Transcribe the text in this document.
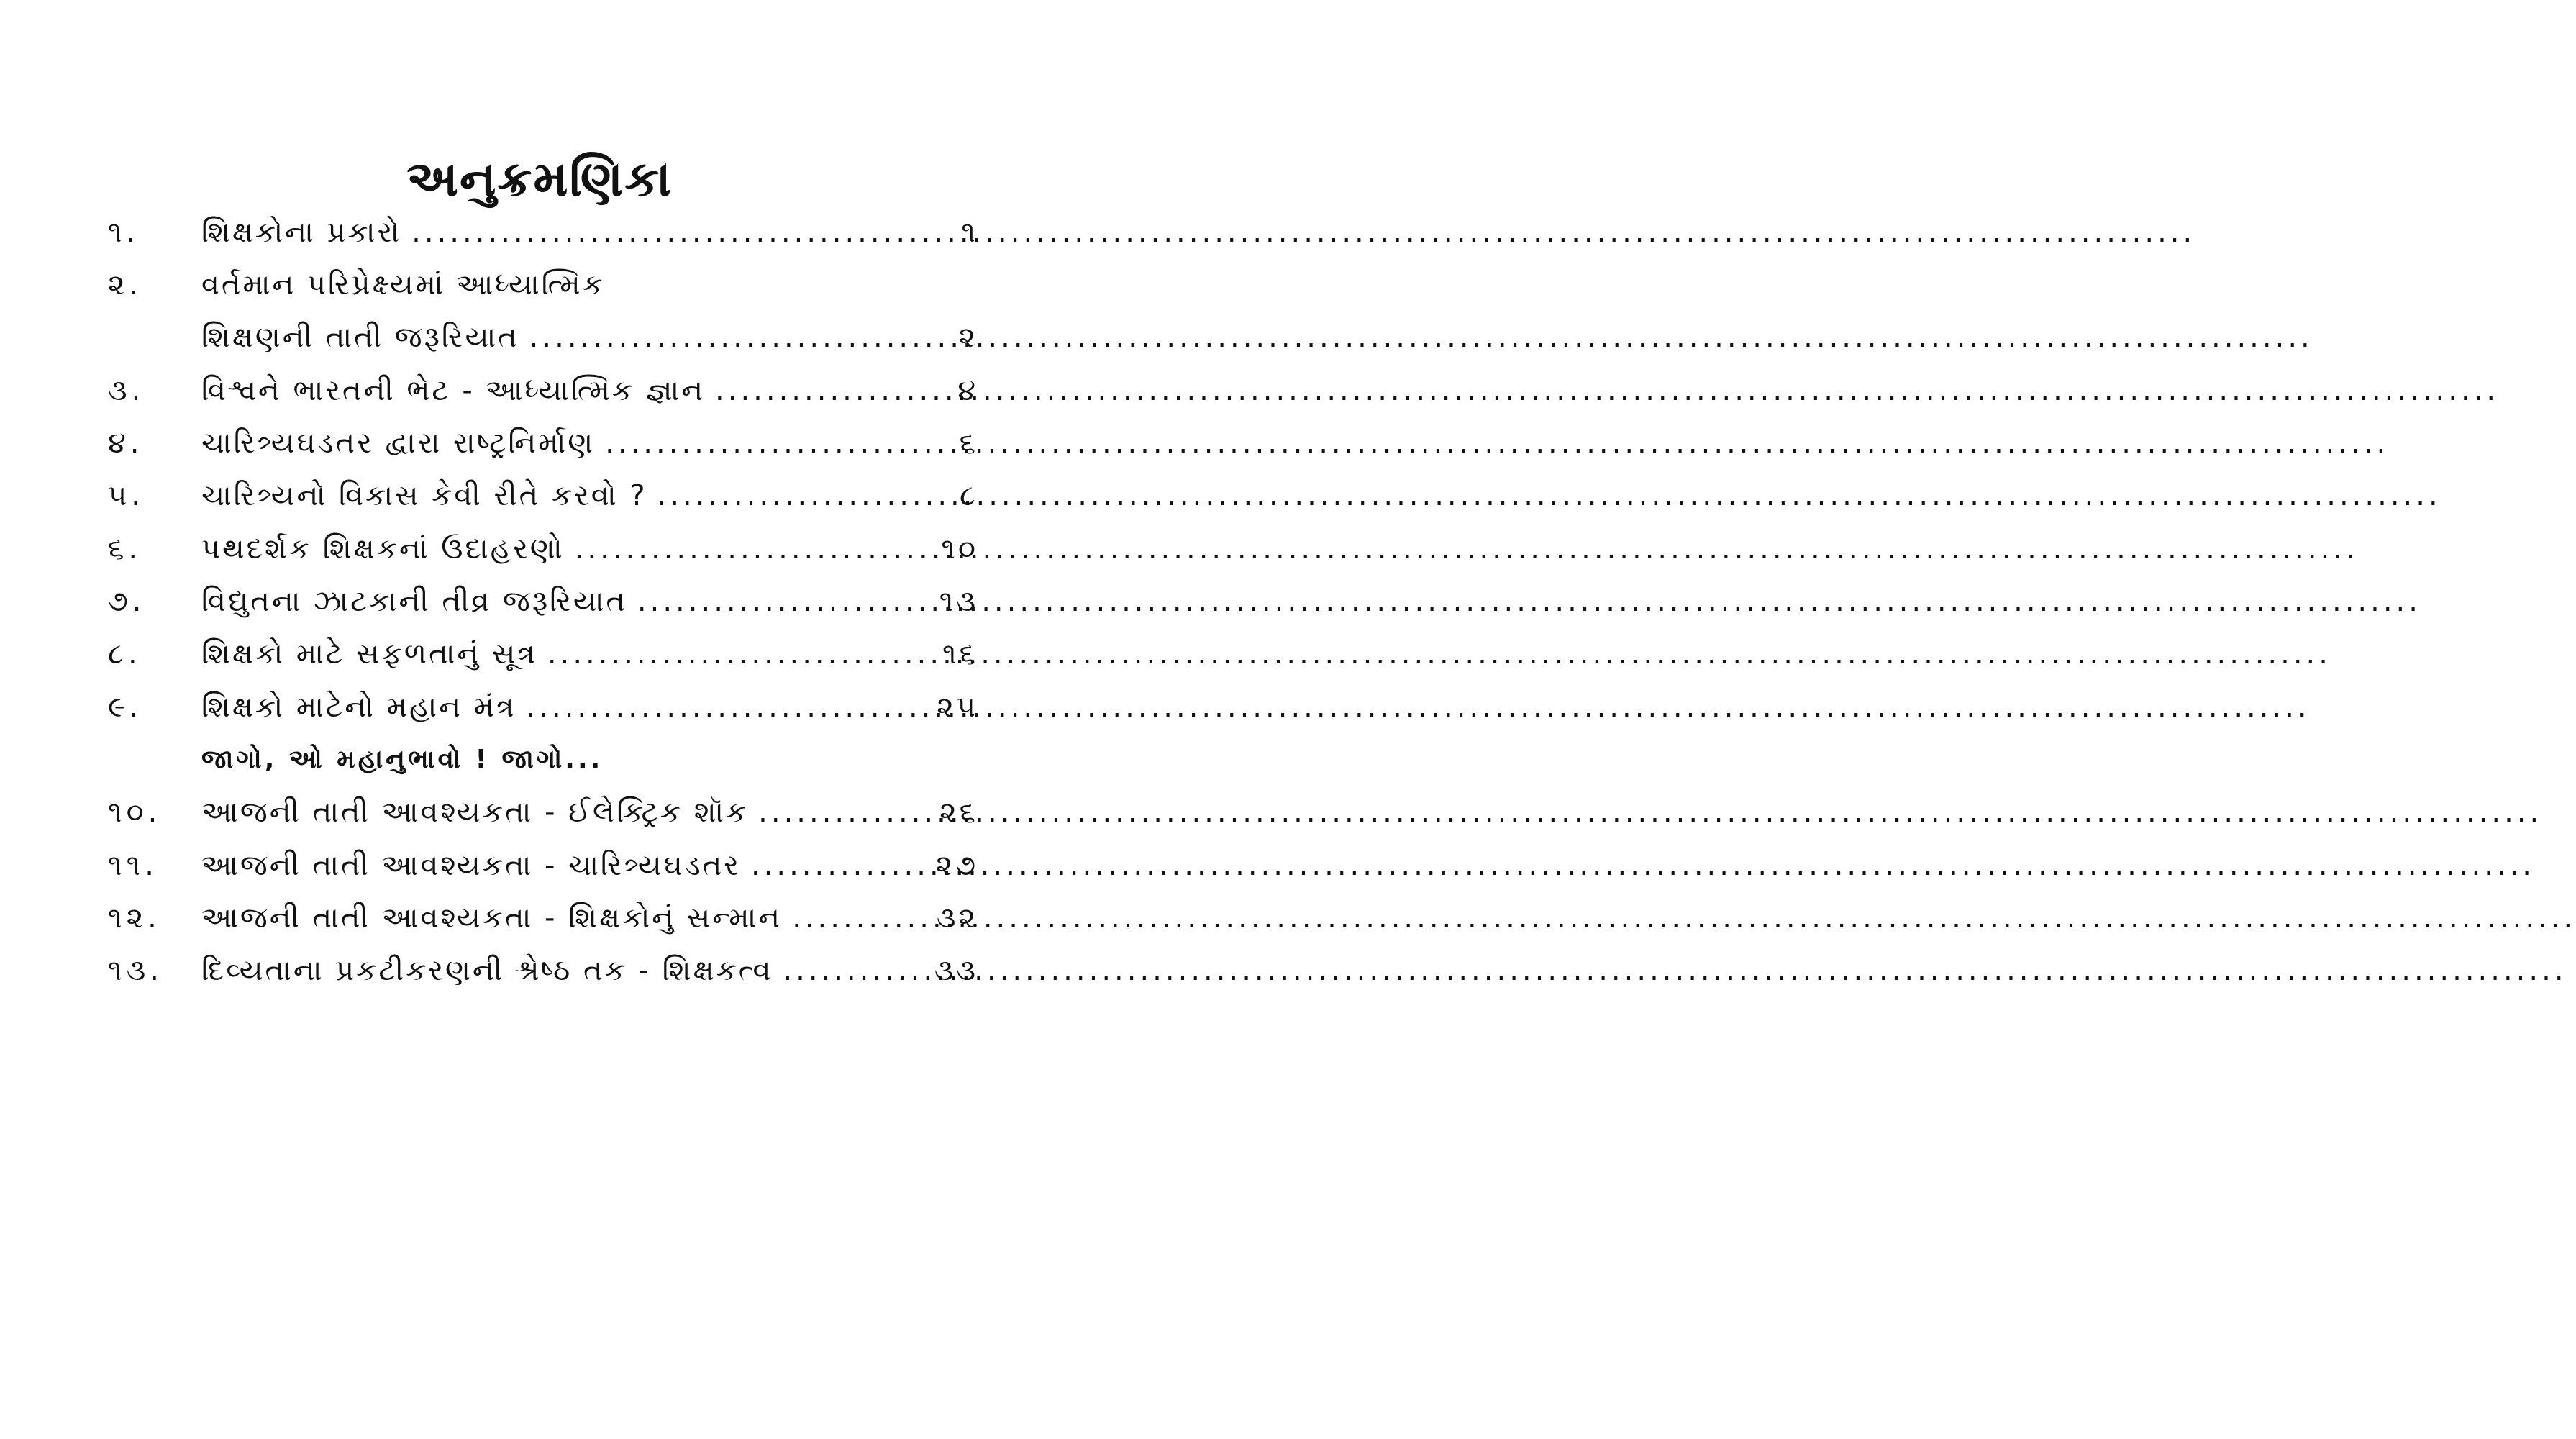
અનુક્રમણિકા
૧.	શિક્ષકોના પ્રકારો .....	૧
૨.	વર્તમાન પરિપ્રેક્ષ્યમાં આધ્યાત્મિક
શિક્ષણની તાતી જરૂરિયાત .....	૨
૩.	વિશ્વને ભારતની ભેટ - આધ્યાત્મિક જ્ઞાન .....	૪
૪.	ચારિત્ર્યઘડતર દ્વારા રાષ્ટ્રનિર્માણ .....	૬
૫.	ચારિત્ર્યનો વિકાસ કેવી રીતે કરવો ? .....	૮
૬.	પથદર્શક શિક્ષકનાં ઉદાહરણો .....	૧૦
૭.	વિદ્યુતના ઝાટકાની તીવ્ર જરૂરિયાત .....	૧૩
૮.	શિક્ષકો માટે સફળતાનું સૂત્ર .....	૧૬
૯.	શિક્ષકો માટેનો મહાન મંત્ર .....	૨૫
જાગો, ઓ મહાનુભાવો ! જાગો...
૧૦.	આજની તાતી આવશ્યકતા - ઈલેક્ટ્રિક શૉક .....	૨૬
૧૧.	આજની તાતી આવશ્યકતા - ચારિત્ર્યઘડતર .....	૨૭
૧૨.	આજની તાતી આવશ્યકતા - શિક્ષકોનું સન્માન .....	૩૨
૧૩.	દિવ્યતાના પ્રકટીકરણની શ્રેષ્ઠ તક - શિક્ષકત્વ .....	૩૩
